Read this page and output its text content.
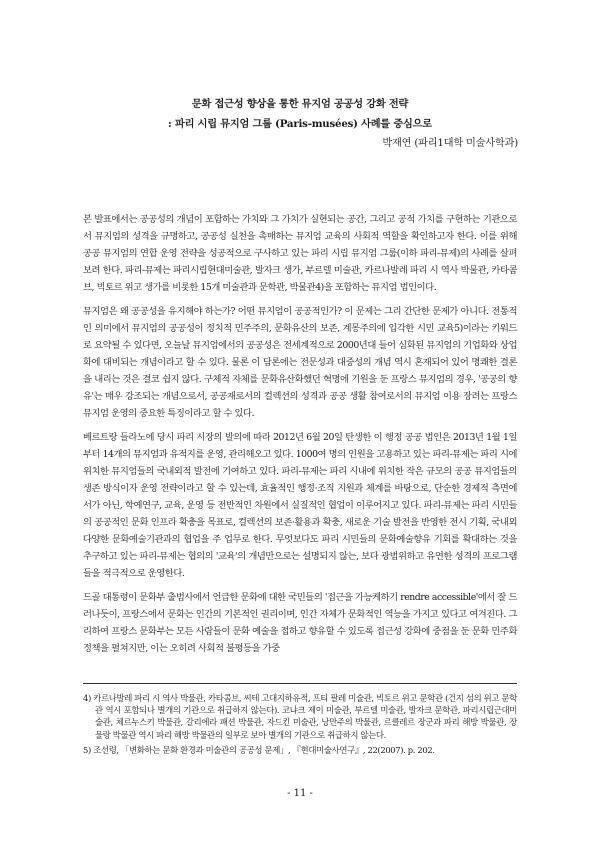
문화 접근성 향상을 통한 뮤지엄 공공성 강화 전략
: 파리 시립 뮤지엄 그룹 (Paris-musées) 사례를 중심으로
박재연 (파리1대학 미술사학과)

본 발표에서는 공공성의 개념이 포함하는 가치와 그 가치가 실현되는 공간, 그리고 공적 가치를 구현하는 기관으로서 뮤지엄의 성격을 규명하고, 공공성 실천을 촉매하는 뮤지엄 교육의 사회적 역할을 확인하고자 한다. 이를 위해 공공 뮤지엄의 연합 운영 전략을 성공적으로 구사하고 있는 파리 시립 뮤지엄 그룹(이하 파리-뮤제)의 사례를 살펴보려 한다. 파리-뮤제는 파리시립현대미술관, 발자크 생가, 부르델 미술관, 카르나발레 파리 시 역사 박물관, 카타콤브, 빅토르 위고 생가를 비롯한 15개 미술관과 문학관, 박물관4)을 포함하는 뮤지엄 법인이다.

뮤지엄은 왜 공공성을 유지해야 하는가? 어떤 뮤지엄이 공공적인가? 이 문제는 그리 간단한 문제가 아니다. 전통적인 의미에서 뮤지엄의 공공성이 정치적 민주주의, 문화유산의 보존, 계몽주의에 입각한 시민 교육5)이라는 키워드로 요약될 수 있다면, 오늘날 뮤지엄에서의 공공성은 전세계적으로 2000년대 들어 심화된 뮤지엄의 기업화와 상업화에 대비되는 개념이라고 할 수 있다. 물론 이 담론에는 전문성과 대중성의 개념 역시 혼재되어 있어 명쾌한 결론을 내리는 것은 결코 쉽지 않다. 구체적 자체를 문화유산화했던 혁명에 기원을 둔 프랑스 뮤지엄의 경우, '공공의 향유'는 매우 강조되는 개념으로서, 공공재로서의 컬렉션의 성격과 공공 생활 참여로서의 뮤지엄 이용 장려는 프랑스 뮤지엄 운영의 중요한 특징이라고 할 수 있다.

베르트랑 들라노에 당시 파리 시장의 발의에 따라 2012년 6월 20일 탄생한 이 행정 공공 법인은 2013년 1월 1일부터 14개의 뮤지엄과 유적지를 운영, 관리해오고 있다. 1000여 명의 인원을 고용하고 있는 파리-뮤제는 파리 시에 위치한 뮤지엄들의 국내외적 발전에 기여하고 있다. 파리-뮤제는 파리 시내에 위치한 작은 규모의 공공 뮤지엄들의 생존 방식이자 운영 전략이라고 할 수 있는데, 효율적인 행정·조직 지원과 체계를 바탕으로, 단순한 경제적 측면에서가 아닌, 학예연구, 교육, 운영 등 전반적인 차원에서 실질적인 협업이 이루어지고 있다. 파리-뮤제는 파리 시민들의 공공적인 문화 인프라 확충을 목표로, 컬렉션의 보존·활용과 확충, 새로운 기술 발전을 반영한 전시 기획, 국내외 다양한 문화예술기관과의 협업을 주 업무로 한다. 무엇보다도 파리 시민들의 문화예술향유 기회를 확대하는 것을 추구하고 있는 파리-뮤제는 협의의 '교육'의 개념만으로는 설명되지 않는, 보다 광범위하고 유연한 성격의 프로그램들을 적극적으로 운영한다.

드골 대통령이 문화부 출범사에서 언급한 문화에 대한 국민들의 '접근을 가능케하기 rendre accessible'에서 잘 드러나듯이, 프랑스에서 문화는 인간의 기본적인 권리이며, 인간 자체가 문화적인 역능을 가지고 있다고 여겨진다. 그리하여 프랑스 문화부는 모든 사람들이 문화 예술을 접하고 향유할 수 있도록 접근성 강화에 중점을 둔 문화 민주화 정책을 펼쳐지만, 이는 오히려 사회적 불평등을 가중

4) 카르나발레 파리 시 역사 박물관, 카타콤브, 씨테 고대지하유적, 프티 팔레 미술관, 빅토르 위고 문학관 (건지 섬의 위고 문학관 역시 포함되나 별개의 기관으로 취급하지 않는다). 코냐크 제이 미술관, 부르델 미술관, 발자크 문학관, 파리시립근대미술관, 체르누스키 박물관, 갈리에라 패션 박물관, 자드킨 미술관, 낭만주의 박물관, 르클레르 장군과 파리 해방 박물관, 장 물랑 박물관 역시 파리 해방 박물관의 일부로 보아 별개의 기관으로 취급하지 않는다.

5) 조선령, 「변화하는 문화 환경과 미술관의 공공성 문제」, 『현대미술사연구』, 22(2007). p. 202.

- 11 -
